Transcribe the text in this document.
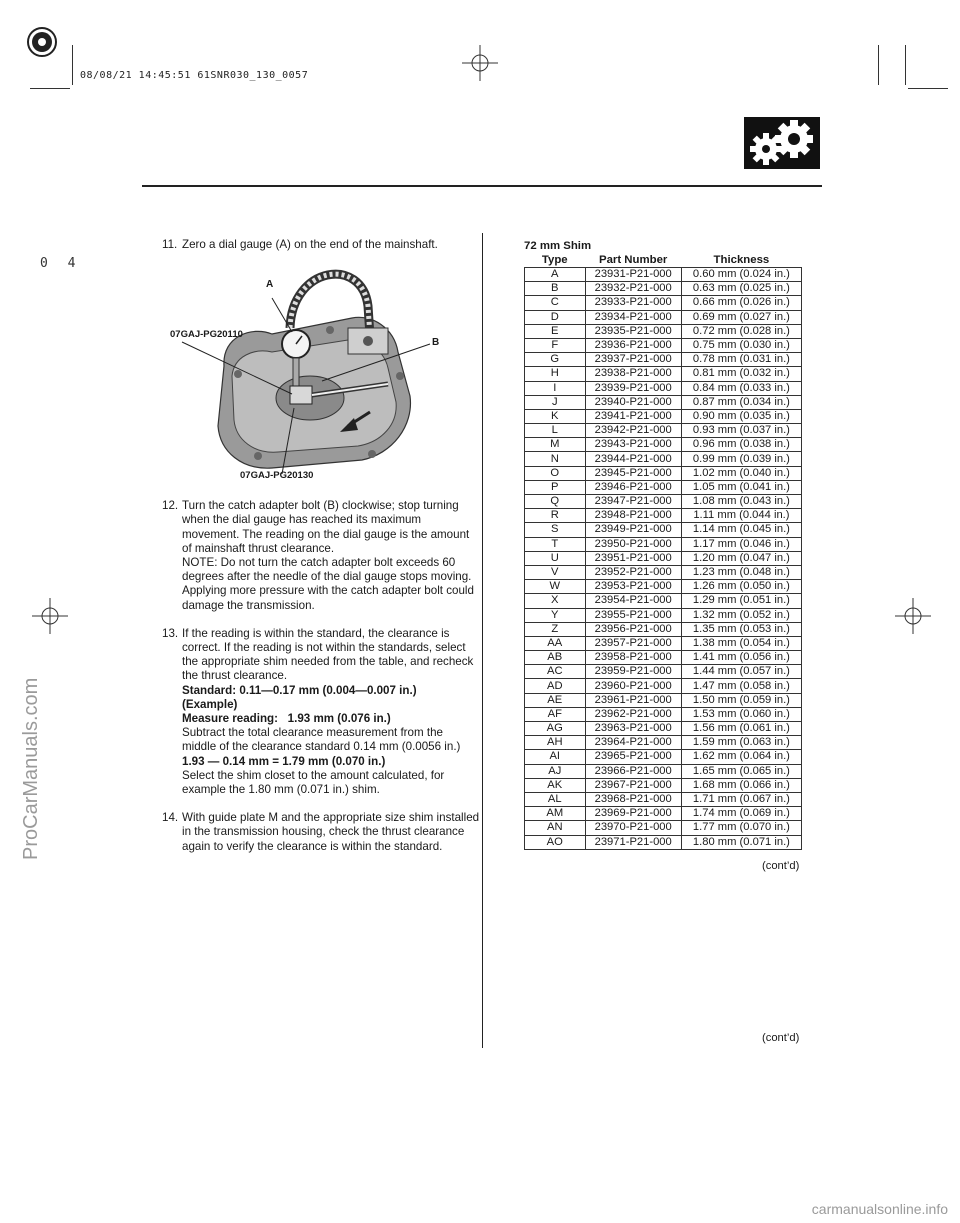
08/08/21 14:45:51 61SNR030_130_0057
0 4
11. Zero a dial gauge (A) on the end of the mainshaft.

A
B
07GAJ-PG20110
07GAJ-PG20130
12. Turn the catch adapter bolt (B) clockwise; stop turning when the dial gauge has reached its maximum movement. The reading on the dial gauge is the amount of mainshaft thrust clearance.

NOTE: Do not turn the catch adapter bolt exceeds 60 degrees after the needle of the dial gauge stops moving. Applying more pressure with the catch adapter bolt could damage the transmission.

13. If the reading is within the standard, the clearance is correct. If the reading is not within the standards, select the appropriate shim needed from the table, and recheck the thrust clearance.

Standard: 0.11—0.17 mm (0.004—0.007 in.)

(Example)

Measure reading:   1.93 mm (0.076 in.)

Subtract the total clearance measurement from the middle of the clearance standard 0.14 mm (0.0056 in.)

1.93 — 0.14 mm = 1.79 mm (0.070 in.)

Select the shim closet to the amount calculated, for example the 1.80 mm (0.071 in.) shim.

14. With guide plate M and the appropriate size shim installed in the transmission housing, check the thrust clearance again to verify the clearance is within the standard.

72 mm Shim
Type	Part Number	Thickness
A	23931-P21-000	0.60 mm (0.024 in.)
B	23932-P21-000	0.63 mm (0.025 in.)
C	23933-P21-000	0.66 mm (0.026 in.)
D	23934-P21-000	0.69 mm (0.027 in.)
E	23935-P21-000	0.72 mm (0.028 in.)
F	23936-P21-000	0.75 mm (0.030 in.)
G	23937-P21-000	0.78 mm (0.031 in.)
H	23938-P21-000	0.81 mm (0.032 in.)
I	23939-P21-000	0.84 mm (0.033 in.)
J	23940-P21-000	0.87 mm (0.034 in.)
K	23941-P21-000	0.90 mm (0.035 in.)
L	23942-P21-000	0.93 mm (0.037 in.)
M	23943-P21-000	0.96 mm (0.038 in.)
N	23944-P21-000	0.99 mm (0.039 in.)
O	23945-P21-000	1.02 mm (0.040 in.)
P	23946-P21-000	1.05 mm (0.041 in.)
Q	23947-P21-000	1.08 mm (0.043 in.)
R	23948-P21-000	1.11 mm (0.044 in.)
S	23949-P21-000	1.14 mm (0.045 in.)
T	23950-P21-000	1.17 mm (0.046 in.)
U	23951-P21-000	1.20 mm (0.047 in.)
V	23952-P21-000	1.23 mm (0.048 in.)
W	23953-P21-000	1.26 mm (0.050 in.)
X	23954-P21-000	1.29 mm (0.051 in.)
Y	23955-P21-000	1.32 mm (0.052 in.)
Z	23956-P21-000	1.35 mm (0.053 in.)
AA	23957-P21-000	1.38 mm (0.054 in.)
AB	23958-P21-000	1.41 mm (0.056 in.)
AC	23959-P21-000	1.44 mm (0.057 in.)
AD	23960-P21-000	1.47 mm (0.058 in.)
AE	23961-P21-000	1.50 mm (0.059 in.)
AF	23962-P21-000	1.53 mm (0.060 in.)
AG	23963-P21-000	1.56 mm (0.061 in.)
AH	23964-P21-000	1.59 mm (0.063 in.)
AI	23965-P21-000	1.62 mm (0.064 in.)
AJ	23966-P21-000	1.65 mm (0.065 in.)
AK	23967-P21-000	1.68 mm (0.066 in.)
AL	23968-P21-000	1.71 mm (0.067 in.)
AM	23969-P21-000	1.74 mm (0.069 in.)
AN	23970-P21-000	1.77 mm (0.070 in.)
AO	23971-P21-000	1.80 mm (0.071 in.)
(cont’d)
(cont’d)
ProCarManuals.com
carmanualsonline.info
